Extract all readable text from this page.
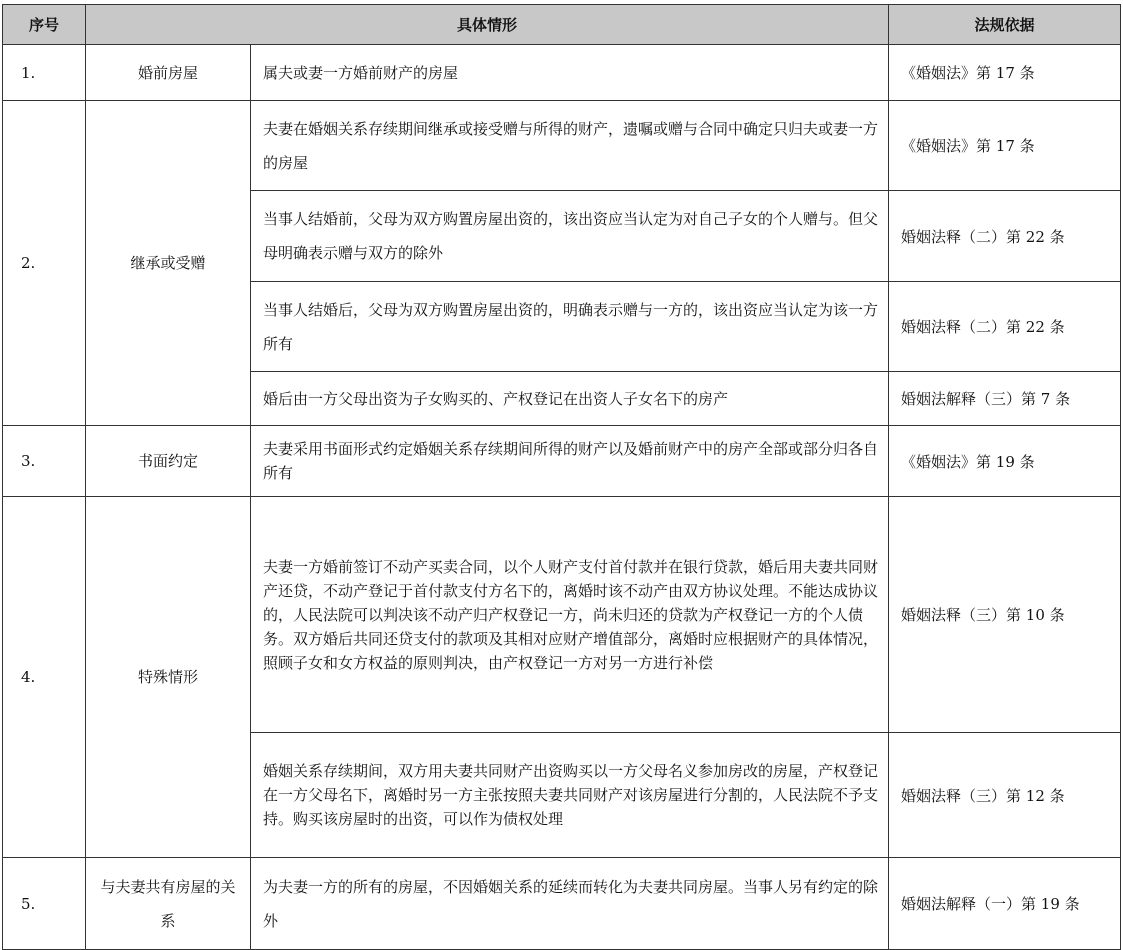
序号	具体情形		法规依据
1.	婚前房屋	属夫或妻一方婚前财产的房屋	《婚姻法》第 17 条
2.	继承或受赠	夫妻在婚姻关系存续期间继承或接受赠与所得的财产，遗嘱或赠与合同中确定只归夫或妻一方的房屋	《婚姻法》第 17 条
		当事人结婚前，父母为双方购置房屋出资的，该出资应当认定为对自己子女的个人赠与。但父母明确表示赠与双方的除外	婚姻法释（二）第 22 条
		当事人结婚后，父母为双方购置房屋出资的，明确表示赠与一方的，该出资应当认定为该一方所有	婚姻法释（二）第 22 条
		婚后由一方父母出资为子女购买的、产权登记在出资人子女名下的房产	婚姻法解释（三）第 7 条
3.	书面约定	夫妻采用书面形式约定婚姻关系存续期间所得的财产以及婚前财产中的房产全部或部分归各自所有	《婚姻法》第 19 条
4.	特殊情形	夫妻一方婚前签订不动产买卖合同，以个人财产支付首付款并在银行贷款，婚后用夫妻共同财产还贷，不动产登记于首付款支付方名下的，离婚时该不动产由双方协议处理。不能达成协议的，人民法院可以判决该不动产归产权登记一方，尚未归还的贷款为产权登记一方的个人债务。双方婚后共同还贷支付的款项及其相对应财产增值部分，离婚时应根据财产的具体情况，照顾子女和女方权益的原则判决，由产权登记一方对另一方进行补偿	婚姻法释（三）第 10 条
		婚姻关系存续期间，双方用夫妻共同财产出资购买以一方父母名义参加房改的房屋，产权登记在一方父母名下，离婚时另一方主张按照夫妻共同财产对该房屋进行分割的，人民法院不予支持。购买该房屋时的出资，可以作为债权处理	婚姻法释（三）第 12 条
5.	与夫妻共有房屋的关系	为夫妻一方的所有的房屋，不因婚姻关系的延续而转化为夫妻共同房屋。当事人另有约定的除外	婚姻法解释（一）第 19 条
